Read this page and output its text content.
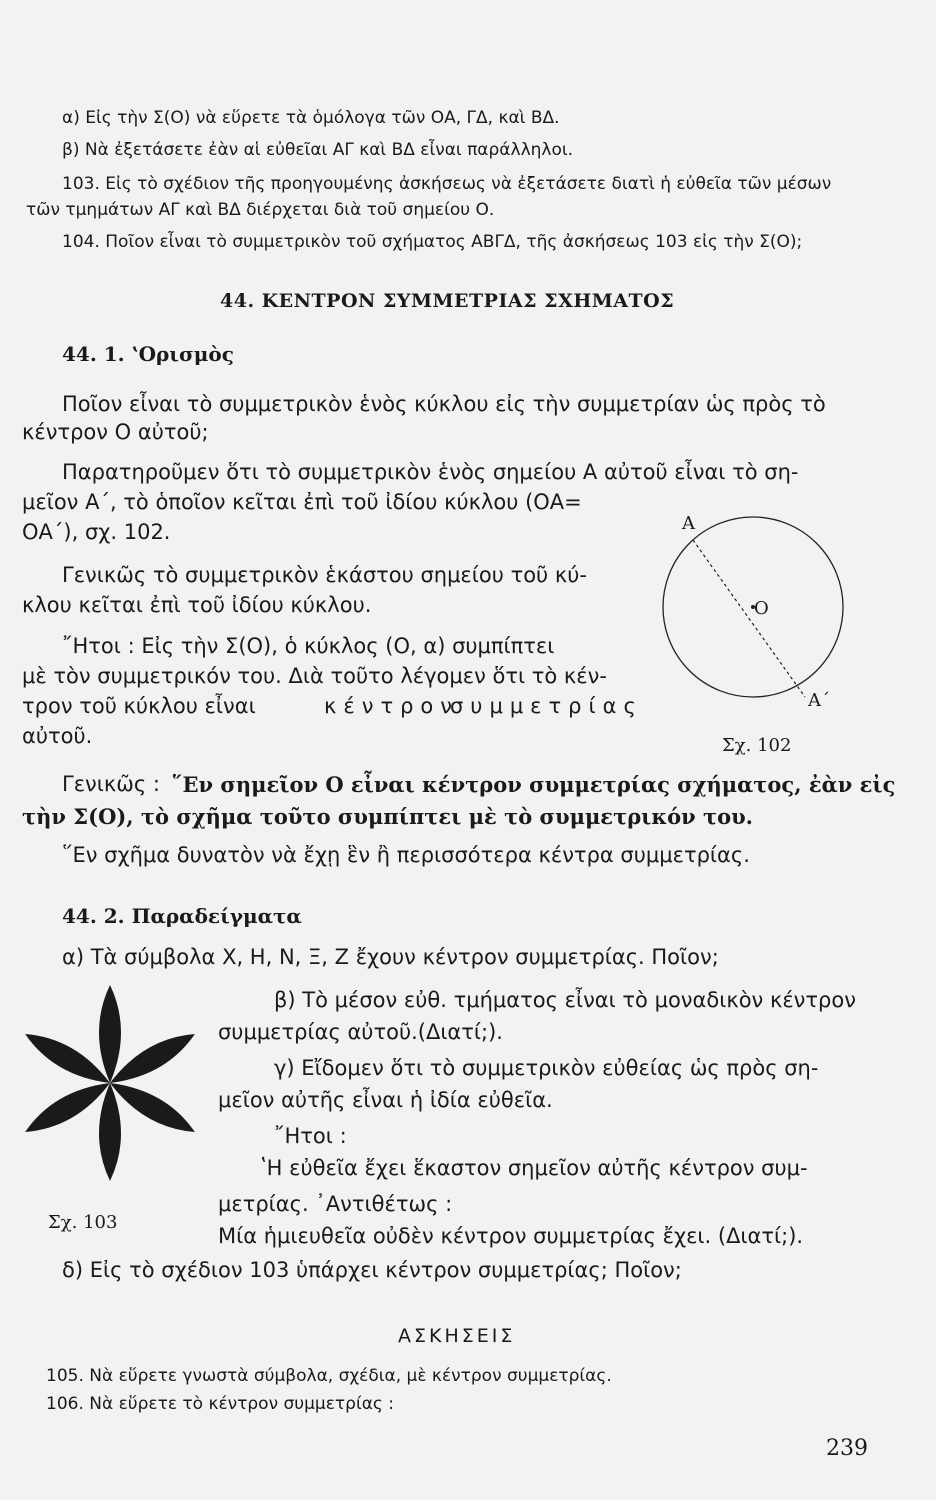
α) Εἰς τὴν Σ(Ο) νὰ εὕρετε τὰ ὁμόλογα τῶν ΟΑ, ΓΔ, καὶ ΒΔ.

β) Νὰ ἐξετάσετε ἐὰν αἱ εὐθεῖαι ΑΓ καὶ ΒΔ εἶναι παράλληλοι.

103. Εἰς τὸ σχέδιον τῆς προηγουμένης ἀσκήσεως νὰ ἐξετάσετε διατὶ ἡ εὐθεῖα τῶν μέσων

τῶν τμημάτων ΑΓ καὶ ΒΔ διέρχεται διὰ τοῦ σημείου Ο.

104. Ποῖον εἶναι τὸ συμμετρικὸν τοῦ σχήματος ΑΒΓΔ, τῆς ἀσκήσεως 103 εἰς τὴν Σ(Ο);

44. ΚΕΝΤΡΟΝ ΣΥΜΜΕΤΡΙΑΣ ΣΧΗΜΑΤΟΣ

44. 1. ʽΟρισμὸς

Ποῖον εἶναι τὸ συμμετρικὸν ἑνὸς κύκλου εἰς τὴν συμμετρίαν ὡς πρὸς τὸ

κέντρον Ο αὐτοῦ;

Παρατηροῦμεν ὅτι τὸ συμμετρικὸν ἑνὸς σημείου Α αὐτοῦ εἶναι τὸ ση-

μεῖον Α΄, τὸ ὁποῖον κεῖται ἐπὶ τοῦ ἰδίου κύκλου (ΟΑ=

ΟΑ΄), σχ. 102.

Γενικῶς τὸ συμμετρικὸν ἑκάστου σημείου τοῦ κύ-

κλου κεῖται ἐπὶ τοῦ ἰδίου κύκλου.

῎Ητοι : Εἰς τὴν Σ(Ο), ὁ κύκλος (Ο, α) συμπίπτει

μὲ τὸν συμμετρικόν του. Διὰ τοῦτο λέγομεν ὅτι τὸ κέν-

τρον τοῦ κύκλου εἶναι	κέντρον

συμμετρίας

αὐτοῦ.

Α

Ο

Α΄

Σχ. 102

Γενικῶς : ῞Εν σημεῖον Ο εἶναι κέντρον συμμετρίας σχήματος, ἐὰν εἰς

τὴν Σ(Ο), τὸ σχῆμα τοῦτο συμπίπτει μὲ τὸ συμμετρικόν του.

῞Εν σχῆμα δυνατὸν νὰ ἔχῃ ἓν ἢ περισσότερα κέντρα συμμετρίας.

44. 2. Παραδείγματα

α) Τὰ σύμβολα Χ, Η, Ν, Ξ, Ζ ἔχουν κέντρον συμμετρίας. Ποῖον;

Σχ. 103

β) Τὸ μέσον εὐθ. τμήματος εἶναι τὸ μοναδικὸν κέντρον

συμμετρίας αὐτοῦ.(Διατί;).

γ) Εἴδομεν ὅτι τὸ συμμετρικὸν εὐθείας ὡς πρὸς ση-

μεῖον αὐτῆς εἶναι ἡ ἰδία εὐθεῖα.

῎Ητοι :

ʽΗ εὐθεῖα ἔχει ἕκαστον σημεῖον αὐτῆς κέντρον συμ-

μετρίας. ᾽Αντιθέτως :

Μία ἡμιευθεῖα οὐδὲν κέντρον συμμετρίας ἔχει. (Διατί;).

δ) Εἰς τὸ σχέδιον 103 ὑπάρχει κέντρον συμμετρίας; Ποῖον;

ΑΣΚΗΣΕΙΣ

105. Νὰ εὕρετε γνωστὰ σύμβολα, σχέδια, μὲ κέντρον συμμετρίας.

106. Νὰ εὕρετε τὸ κέντρον συμμετρίας :

239
